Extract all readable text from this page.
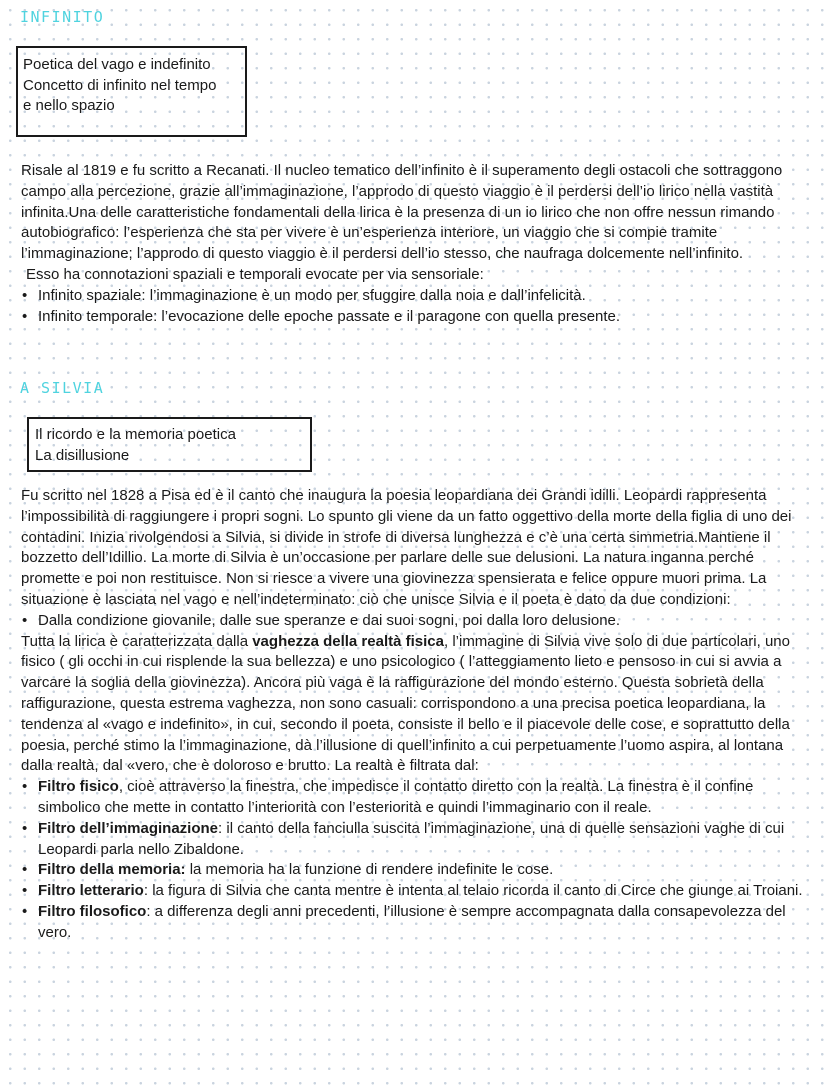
INFINITO
Poetica del vago e indefinito
Concetto di infinito nel tempo
e nello spazio

Risale al 1819 e fu scritto a Recanati. Il nucleo tematico dell’infinito è il superamento degli ostacoli che sottraggono campo alla percezione, grazie all’immaginazione, l’approdo di questo viaggio è il perdersi dell’io lirico nella vastità infinita.Una delle caratteristiche fondamentali della lirica è la presenza di un io lirico che non offre nessun rimando autobiografico: l’esperienza che sta per vivere è un’esperienza interiore, un viaggio che si compie tramite l’immaginazione; l’approdo di questo viaggio è il perdersi dell’io stesso, che naufraga dolcemente nell’infinito.

Esso ha connotazioni spaziali e temporali evocate per via sensoriale:

• Infinito spaziale: l’immaginazione è un modo per sfuggire dalla noia e dall’infelicità.

• Infinito temporale: l’evocazione delle epoche passate e il paragone con quella presente.

A SILVIA
Il ricordo e la memoria poetica
La disillusione

Fu scritto nel 1828 a Pisa ed è il canto che inaugura la poesia leopardiana dei Grandi idilli. Leopardi rappresenta l’impossibilità di raggiungere i propri sogni. Lo spunto gli viene da un fatto oggettivo della morte della figlia di uno dei contadini. Inizia rivolgendosi a Silvia, si divide in strofe di diversa lunghezza e c’è una certa simmetria.Mantiene il bozzetto dell’Idillio. La morte di Silvia è un’occasione per parlare delle sue delusioni. La natura inganna perché promette e poi non restituisce. Non si riesce a vivere una giovinezza spensierata e felice oppure muori prima. La situazione è lasciata nel vago e nell’indeterminato: ciò che unisce Silvia e il poeta è dato da due condizioni:

• Dalla condizione giovanile, dalle sue speranze e dai suoi sogni, poi dalla loro delusione.

Tutta la lirica è caratterizzata dalla vaghezza della realtà fisica, l’immagine di Silvia vive solo di due particolari, uno fisico ( gli occhi in cui risplende la sua bellezza) e uno psicologico ( l’atteggiamento lieto e pensoso in cui si avvia a varcare la soglia della giovinezza). Ancora più vaga è la raffigurazione del mondo esterno. Questa sobrietà della raffigurazione, questa estrema vaghezza, non sono casuali: corrispondono a una precisa poetica leopardiana, la tendenza al «vago e indefinito», in cui, secondo il poeta, consiste il bello e il piacevole delle cose, e soprattutto della poesia, perché stimo la l’immaginazione, dà l’illusione di quell’infinito a cui perpetuamente l’uomo aspira, al lontana dalla realtà, dal «vero, che è doloroso e brutto. La realtà è filtrata dal:

• Filtro fisico, cioè attraverso la finestra, che impedisce il contatto diretto con la realtà. La finestra è il confine simbolico che mette in contatto l’interiorità con l’esteriorità e quindi l’immaginario con il reale.

• Filtro dell’immaginazione: il canto della fanciulla suscita l’immaginazione, una di quelle sensazioni vaghe di cui Leopardi parla nello Zibaldone.

• Filtro della memoria: la memoria ha la funzione di rendere indefinite le cose.

• Filtro letterario: la figura di Silvia che canta mentre è intenta al telaio ricorda il canto di Circe che giunge ai Troiani.

• Filtro filosofico: a differenza degli anni precedenti, l’illusione è sempre accompagnata dalla consapevolezza del vero.
